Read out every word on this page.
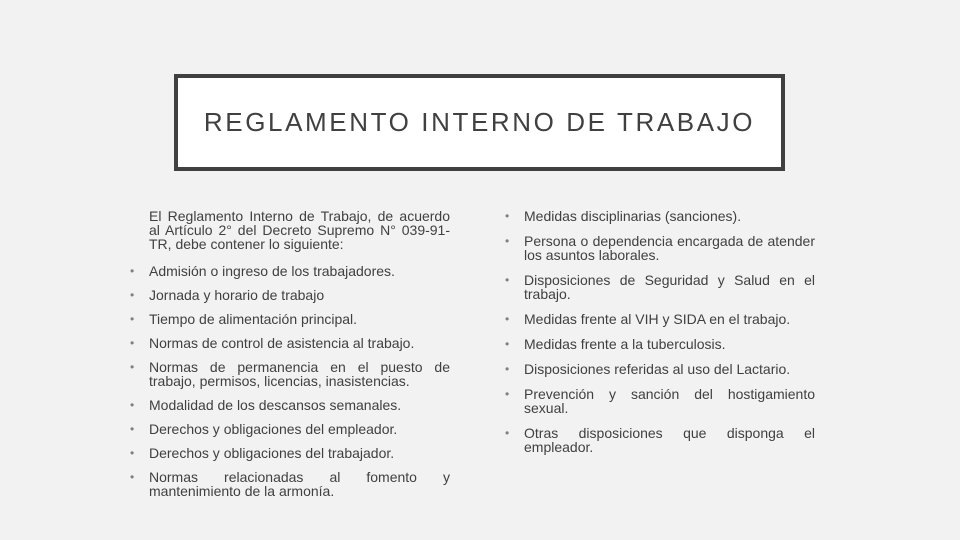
REGLAMENTO INTERNO DE TRABAJO
El Reglamento Interno de Trabajo, de acuerdo al Artículo 2° del Decreto Supremo N° 039-91-TR, debe contener lo siguiente:
• Admisión o ingreso de los trabajadores.
• Jornada y horario de trabajo
• Tiempo de alimentación principal.
• Normas de control de asistencia al trabajo.
• Normas de permanencia en el puesto de trabajo, permisos, licencias, inasistencias.
• Modalidad de los descansos semanales.
• Derechos y obligaciones del empleador.
• Derechos y obligaciones del trabajador.
• Normas relacionadas al fomento y mantenimiento de la armonía.
• Medidas disciplinarias (sanciones).
• Persona o dependencia encargada de atender los asuntos laborales.
• Disposiciones de Seguridad y Salud en el trabajo.
• Medidas frente al VIH y SIDA en el trabajo.
• Medidas frente a la tuberculosis.
• Disposiciones referidas al uso del Lactario.
• Prevención y sanción del hostigamiento sexual.
• Otras disposiciones que disponga el empleador.
